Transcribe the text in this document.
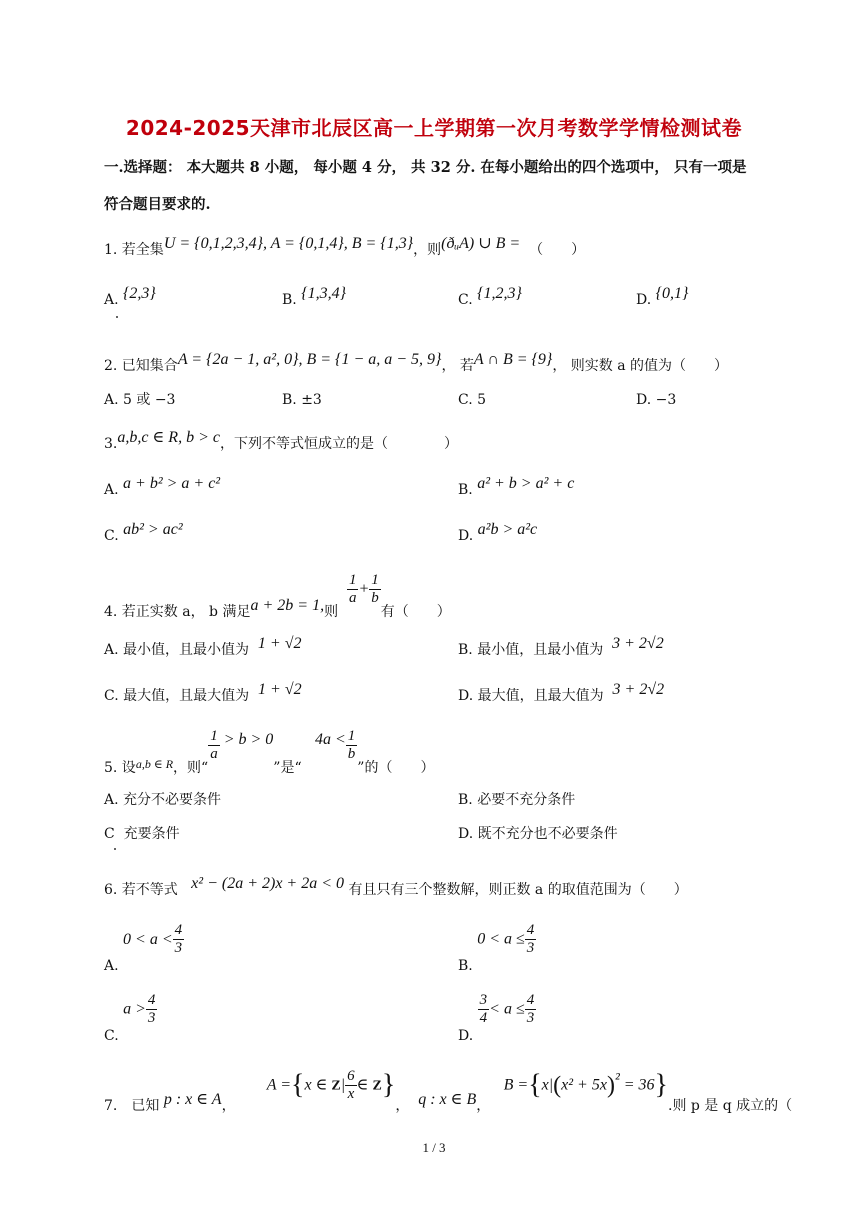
2024-2025天津市北辰区高一上学期第一次月考数学学情检测试卷
一.选择题： 本大题共 8 小题， 每小题 4 分， 共 32 分. 在每小题给出的四个选项中， 只有一项是
符合题目要求的.
1. 若全集U = {0,1,2,3,4}, A = {0,1,4}, B = {1,3}，则(ðᵤA) ∪ B = （　　）
A. {2,3}	B. {1,3,4}	C. {1,2,3}	D. {0,1}
2. 已知集合A = {2a − 1, a², 0}, B = {1 − a, a − 5, 9}， 若A ∩ B = {9}， 则实数 a 的值为（　　）
A. 5 或 −3	B. ±3	C. 5	D. −3
3.a,b,c ∈ R, b > c，下列不等式恒成立的是（　　　　）
A. a + b² > a + c²	B. a² + b > a² + c
C. ab² > ac²	D. a²b > a²c
4. 若正实数 a， b 满足a + 2b = 1,则
$\frac{1}{a} + \frac{1}{b}$
有（　　）
A. 最小值，且最小值为 1 + √2	B. 最小值，且最小值为 3 + 2√2
C. 最大值，且最大值为 1 + √2	D. 最大值，且最大值为 3 + 2√2
5. 设a,b ∈ R，则“
$\frac{1}{a} > b > 0$”是“   $4a < \frac{1}{b}$
”的（　　）
A. 充分不必要条件	B. 必要不充分条件
C 充要条件	D. 既不充分也不必要条件
6. 若不等式 x² − (2a + 2)x + 2a < 0 有且只有三个整数解，则正数 a 的取值范围为（　　）
A. $0 < a < \frac{4}{3}$
B. $0 < a \le \frac{4}{3}$
C. $a > \frac{4}{3}$
D.
$\frac{3}{4} < a \le \frac{4}{3}$
7.　已知 p : x ∈ A，       A ={x ∈ $Z| \frac{6}{x}$ ∈ Z}， q : x ∈ B，   B ={x|(x² + 5x)² = 36}.则 p 是 q 成立的（
1 / 3
